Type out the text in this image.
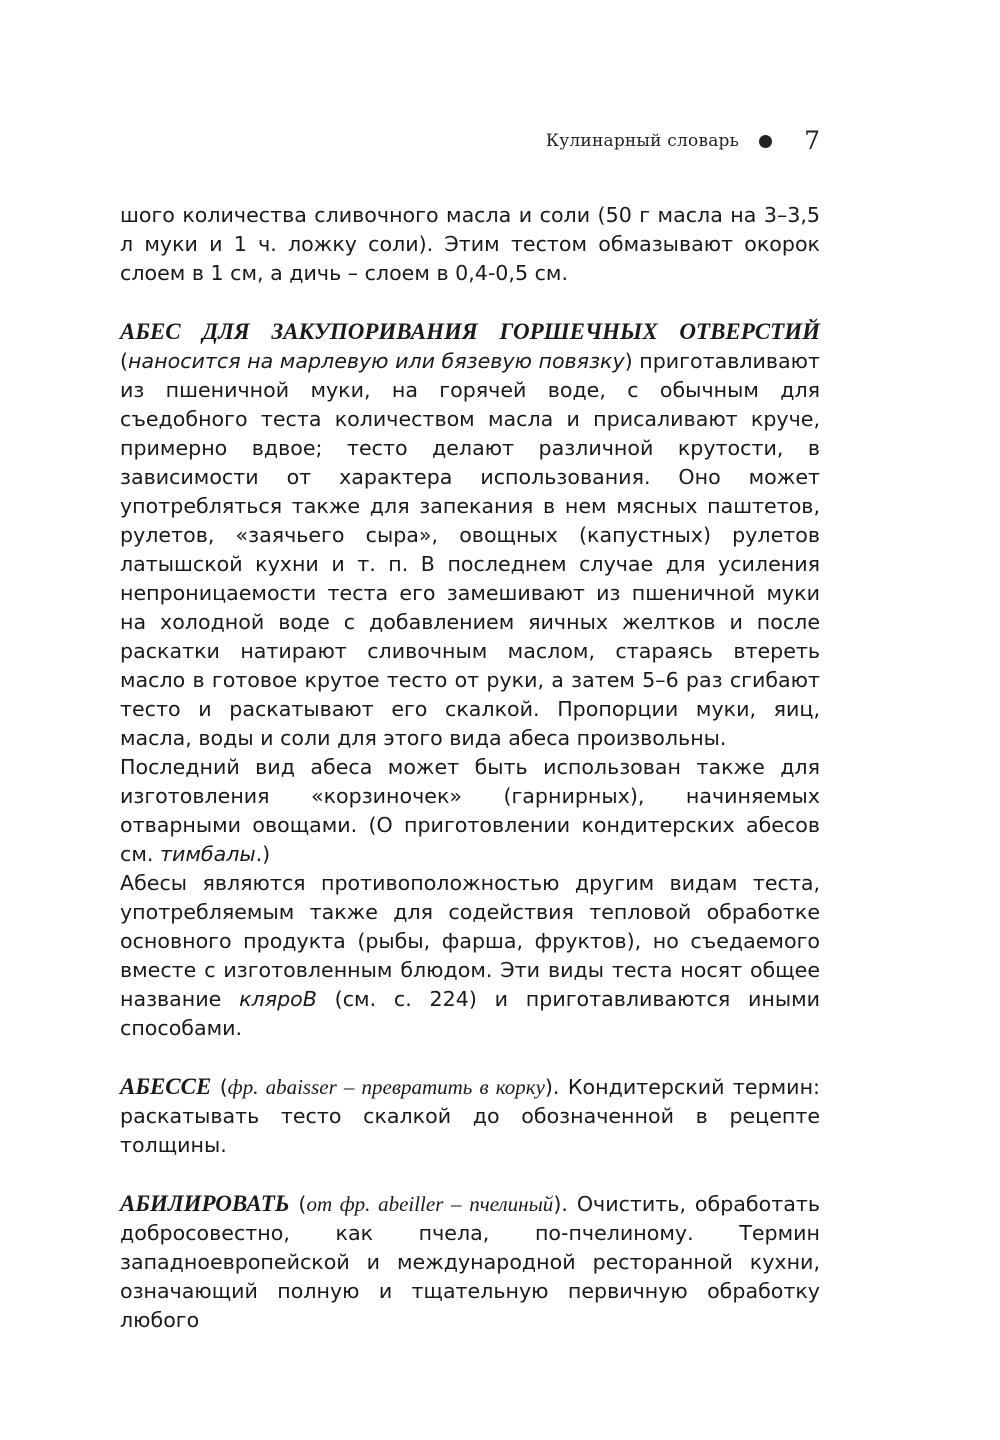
Кулинарный словарь	7

шого количества сливочного масла и соли (50 г масла на 3–3,5 л муки и 1 ч. ложку соли). Этим тестом обмазывают окорок слоем в 1 см, а дичь – слоем в 0,4-0,5 см.

АБЕС ДЛЯ ЗАКУПОРИВАНИЯ ГОРШЕЧНЫХ ОТВЕРСТИЙ (наносится на марлевую или бязевую повязку) приготавливают из пшеничной муки, на горячей воде, с обычным для съедобного теста количеством масла и присаливают круче, примерно вдвое; тесто делают различной крутости, в зависимости от характера использования. Оно может употребляться также для запекания в нем мясных паштетов, рулетов, «заячьего сыра», овощных (капустных) рулетов латышской кухни и т. п. В последнем случае для усиления непроницаемости теста его замешивают из пшеничной муки на холодной воде с добавлением яичных желтков и после раскатки натирают сливочным маслом, стараясь втереть масло в готовое крутое тесто от руки, а затем 5–6 раз сгибают тесто и раскатывают его скалкой. Пропорции муки, яиц, масла, воды и соли для этого вида абеса произвольны.

Последний вид абеса может быть использован также для изготовления «корзиночек» (гарнирных), начиняемых отварными овощами. (О приготовлении кондитерских абесов см. тимбалы.)

Абесы являются противоположностью другим видам теста, употребляемым также для содействия тепловой обработке основного продукта (рыбы, фарша, фруктов), но съедаемого вместе с изготовленным блюдом. Эти виды теста носят общее название кляроВ (см. с. 224) и приготавливаются иными способами.

АБЕССЕ (фр. abaisser – превратить в корку). Кондитерский термин: раскатывать тесто скалкой до обозначенной в рецепте толщины.

АБИЛИРОВАТЬ (от фр. abeiller – пчелиный). Очистить, обработать добросовестно, как пчела, по-пчелиному. Термин западноевропейской и международной ресторанной кухни, означающий полную и тщательную первичную обработку любого
